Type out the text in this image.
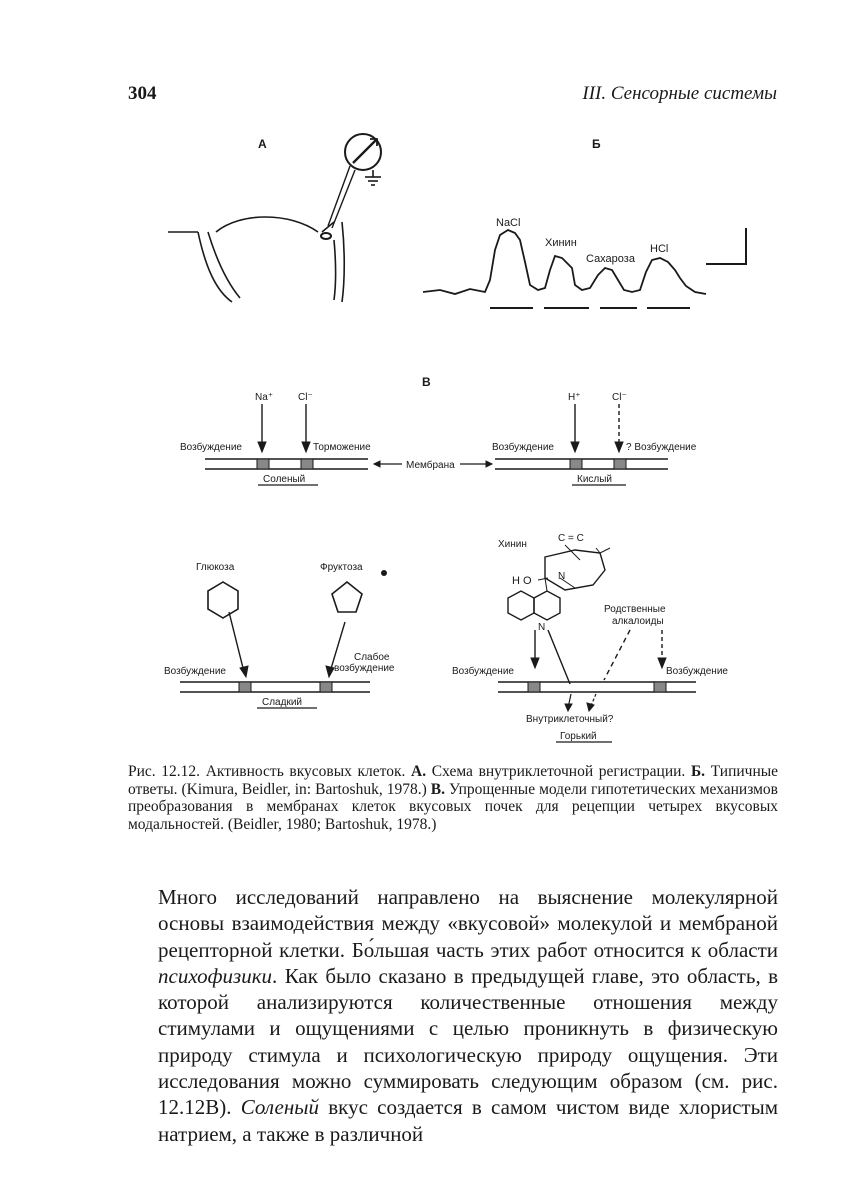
304	III. Сенсорные системы
А	Б
NaCl
Хинин
Сахароза
HCl
В
Na⁺ Cl⁻
Возбуждение	Торможение
Соленый
Мембрана
H⁺	Cl⁻
Возбуждение	? Возбуждение
Кислый
Глюкоза	Фруктоза
Возбуждение
Слабое
возбуждение
Сладкий
Хинин
C = C
H O	N
N
Родственные
алкалоиды
Возбуждение	Возбуждение
Внутриклеточный?
Горький
Рис. 12.12. Активность вкусовых клеток. А. Схема внутриклеточной регистрации. Б. Типичные ответы. (Kimura, Beidler, in: Bartoshuk, 1978.) В. Упрощенные модели гипотетических механизмов преобразования в мембранах клеток вкусовых почек для рецепции четырех вкусовых модальностей. (Beidler, 1980; Bartoshuk, 1978.)

Много исследований направлено на выяснение молекулярной основы взаимодействия между «вкусовой» молекулой и мембраной рецепторной клетки. Бо́льшая часть этих работ относится к области психофизики. Как было сказано в предыдущей главе, это область, в которой анализируются количественные отношения между стимулами и ощущениями с целью проникнуть в физическую природу стимула и психологическую природу ощущения. Эти исследования можно суммировать следующим образом (см. рис. 12.12В). Соленый вкус создается в самом чистом виде хлористым натрием, а также в различной
